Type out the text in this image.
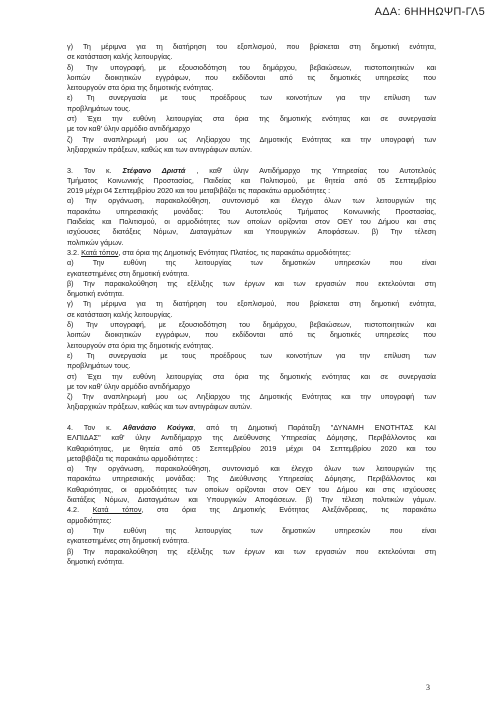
ΑΔΑ: 6ΗΗΗΩΨΠ-ΓΛ5
γ) Τη μέριμνα για τη διατήρηση του εξοπλισμού, που βρίσκεται στη δημοτική ενότητα,
σε κατάσταση καλής λειτουργίας.
δ) Την υπογραφή, με εξουσιοδότηση του δημάρχου, βεβαιώσεων, πιστοποιητικών και
λοιπών διοικητικών εγγράφων, που εκδίδονται από τις δημοτικές υπηρεσίες που
λειτουργούν στα όρια της δημοτικής ενότητας.
ε) Τη συνεργασία με τους προέδρους των κοινοτήτων για την επίλυση των
προβλημάτων τους.
στ) Έχει την ευθύνη λειτουργίας στα όρια της δημοτικής ενότητας και σε συνεργασία
με τον καθ' ύλην αρμόδιο αντιδήμαρχο
ζ) Την αναπληρωμή μου ως Ληξίαρχου της Δημοτικής Ενότητας και την υπογραφή των
ληξιαρχικών πράξεων, καθώς και των αντιγράφων αυτών.
3. Τον κ. Στέφανο Δριστά , καθ' ύλην Αντιδήμαρχο της Υπηρεσίας του Αυτοτελούς
Τμήματος Κοινωνικής Προστασίας, Παιδείας και Πολιτισμού, με θητεία από 05 Σεπτεμβρίου
2019 μέχρι 04 Σεπτεμβρίου 2020 και του μεταβιβάζει τις παρακάτω αρμοδιότητες :
α) Την οργάνωση, παρακολούθηση, συντονισμό και έλεγχο όλων των λειτουργιών της
παρακάτω υπηρεσιακής μονάδας: Του Αυτοτελούς Τμήματος Κοινωνικής Προστασίας,
Παιδείας και Πολιτισμού, οι αρμοδιότητες των οποίων ορίζονται στον ΟΕΥ του Δήμου και στις
ισχύουσες διατάξεις Νόμων, Διαταγμάτων και Υπουργικών Αποφάσεων. β) Την τέλεση
πολιτικών γάμων.
3.2. Κατά τόπον, στα όρια της Δημοτικής Ενότητας Πλατέος, τις παρακάτω αρμοδιότητες:
α) Την ευθύνη της λειτουργίας των δημοτικών υπηρεσιών που είναι
εγκατεστημένες στη δημοτική ενότητα.
β) Την παρακολούθηση της εξέλιξης των έργων και των εργασιών που εκτελούνται στη
δημοτική ενότητα.
γ) Τη μέριμνα για τη διατήρηση του εξοπλισμού, που βρίσκεται στη δημοτική ενότητα,
σε κατάσταση καλής λειτουργίας.
δ) Την υπογραφή, με εξουσιοδότηση του δημάρχου, βεβαιώσεων, πιστοποιητικών και
λοιπών διοικητικών εγγράφων, που εκδίδονται από τις δημοτικές υπηρεσίες που
λειτουργούν στα όρια της δημοτικής ενότητας.
ε) Τη συνεργασία με τους προέδρους των κοινοτήτων για την επίλυση των
προβλημάτων τους.
στ) Έχει την ευθύνη λειτουργίας στα όρια της δημοτικής ενότητας και σε συνεργασία
με τον καθ' ύλην αρμόδιο αντιδήμαρχο
ζ) Την αναπληρωμή μου ως Ληξίαρχου της Δημοτικής Ενότητας και την υπογραφή των
ληξιαρχικών πράξεων, καθώς και των αντιγράφων αυτών.
4. Τον κ. Αθανάσιο Κούγκα, από τη Δημοτική Παράταξη "ΔΥΝΑΜΗ ΕΝΟΤΗΤΑΣ ΚΑΙ
ΕΛΠΙΔΑΣ" καθ' ύλην Αντιδήμαρχο της Διεύθυνσης Υπηρεσίας Δόμησης, Περιβάλλοντος και
Καθαριότητας, με θητεία από 05 Σεπτεμβρίου 2019 μέχρι 04 Σεπτεμβρίου 2020 και του
μεταβιβάζει τις παρακάτω αρμοδιότητες :
α) Την οργάνωση, παρακολούθηση, συντονισμό και έλεγχο όλων των λειτουργιών της
παρακάτω υπηρεσιακής μονάδας: Της Διεύθυνσης Υπηρεσίας Δόμησης, Περιβάλλοντος και
Καθαριότητας, οι αρμοδιότητες των οποίων ορίζονται στον ΟΕΥ του Δήμου και στις ισχύουσες
διατάξεις Νόμων, Διαταγμάτων και Υπουργικών Αποφάσεων. β) Την τέλεση πολιτικών γάμων.
4.2. Κατά τόπον, στα όρια της Δημοτικής Ενότητας Αλεξάνδρειας, τις παρακάτω
αρμοδιότητες:
α) Την ευθύνη της λειτουργίας των δημοτικών υπηρεσιών που είναι
εγκατεστημένες στη δημοτική ενότητα.
β) Την παρακολούθηση της εξέλιξης των έργων και των εργασιών που εκτελούνται στη
δημοτική ενότητα.
3
